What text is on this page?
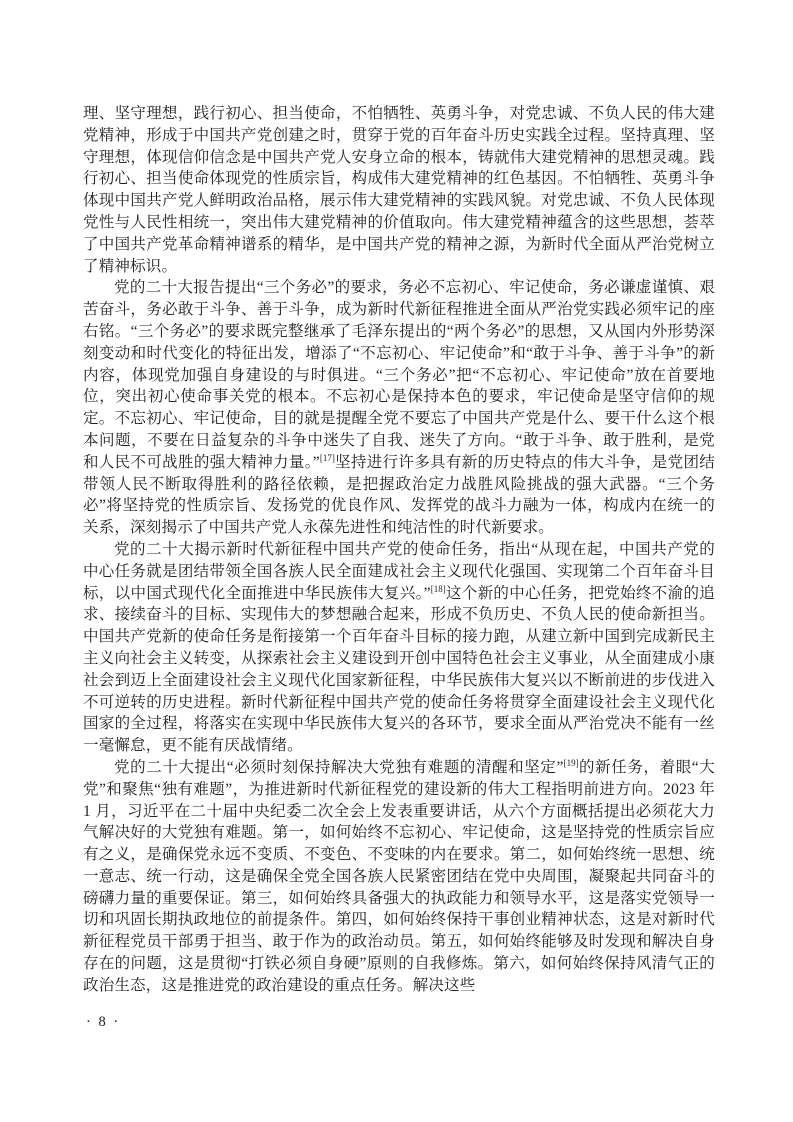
理、坚守理想，践行初心、担当使命，不怕牺牲、英勇斗争，对党忠诚、不负人民的伟大建党精神，形成于中国共产党创建之时，贯穿于党的百年奋斗历史实践全过程。坚持真理、坚守理想，体现信仰信念是中国共产党人安身立命的根本，铸就伟大建党精神的思想灵魂。践行初心、担当使命体现党的性质宗旨，构成伟大建党精神的红色基因。不怕牺牲、英勇斗争体现中国共产党人鲜明政治品格，展示伟大建党精神的实践风貌。对党忠诚、不负人民体现党性与人民性相统一，突出伟大建党精神的价值取向。伟大建党精神蕴含的这些思想，荟萃了中国共产党革命精神谱系的精华，是中国共产党的精神之源，为新时代全面从严治党树立了精神标识。

党的二十大报告提出“三个务必”的要求，务必不忘初心、牢记使命，务必谦虚谨慎、艰苦奋斗，务必敢于斗争、善于斗争，成为新时代新征程推进全面从严治党实践必须牢记的座右铭。“三个务必”的要求既完整继承了毛泽东提出的“两个务必”的思想，又从国内外形势深刻变动和时代变化的特征出发，增添了“不忘初心、牢记使命”和“敢于斗争、善于斗争”的新内容，体现党加强自身建设的与时俱进。“三个务必”把“不忘初心、牢记使命”放在首要地位，突出初心使命事关党的根本。不忘初心是保持本色的要求，牢记使命是坚守信仰的规定。不忘初心、牢记使命，目的就是提醒全党不要忘了中国共产党是什么、要干什么这个根本问题，不要在日益复杂的斗争中迷失了自我、迷失了方向。“敢于斗争、敢于胜利，是党和人民不可战胜的强大精神力量。”[17]坚持进行许多具有新的历史特点的伟大斗争，是党团结带领人民不断取得胜利的路径依赖，是把握政治定力战胜风险挑战的强大武器。“三个务必”将坚持党的性质宗旨、发扬党的优良作风、发挥党的战斗力融为一体，构成内在统一的关系，深刻揭示了中国共产党人永葆先进性和纯洁性的时代新要求。

党的二十大揭示新时代新征程中国共产党的使命任务，指出“从现在起，中国共产党的中心任务就是团结带领全国各族人民全面建成社会主义现代化强国、实现第二个百年奋斗目标，以中国式现代化全面推进中华民族伟大复兴。”[18]这个新的中心任务，把党始终不渝的追求、接续奋斗的目标、实现伟大的梦想融合起来，形成不负历史、不负人民的使命新担当。中国共产党新的使命任务是衔接第一个百年奋斗目标的接力跑，从建立新中国到完成新民主主义向社会主义转变，从探索社会主义建设到开创中国特色社会主义事业，从全面建成小康社会到迈上全面建设社会主义现代化国家新征程，中华民族伟大复兴以不断前进的步伐进入不可逆转的历史进程。新时代新征程中国共产党的使命任务将贯穿全面建设社会主义现代化国家的全过程，将落实在实现中华民族伟大复兴的各环节，要求全面从严治党决不能有一丝一毫懈怠，更不能有厌战情绪。

党的二十大提出“必须时刻保持解决大党独有难题的清醒和坚定”[19]的新任务，着眼“大党”和聚焦“独有难题”，为推进新时代新征程党的建设新的伟大工程指明前进方向。2023 年 1 月，习近平在二十届中央纪委二次全会上发表重要讲话，从六个方面概括提出必须花大力气解决好的大党独有难题。第一，如何始终不忘初心、牢记使命，这是坚持党的性质宗旨应有之义，是确保党永远不变质、不变色、不变味的内在要求。第二，如何始终统一思想、统一意志、统一行动，这是确保全党全国各族人民紧密团结在党中央周围，凝聚起共同奋斗的磅礴力量的重要保证。第三，如何始终具备强大的执政能力和领导水平，这是落实党领导一切和巩固长期执政地位的前提条件。第四，如何始终保持干事创业精神状态，这是对新时代新征程党员干部勇于担当、敢于作为的政治动员。第五，如何始终能够及时发现和解决自身存在的问题，这是贯彻“打铁必须自身硬”原则的自我修炼。第六，如何始终保持风清气正的政治生态，这是推进党的政治建设的重点任务。解决这些

· 8 ·
